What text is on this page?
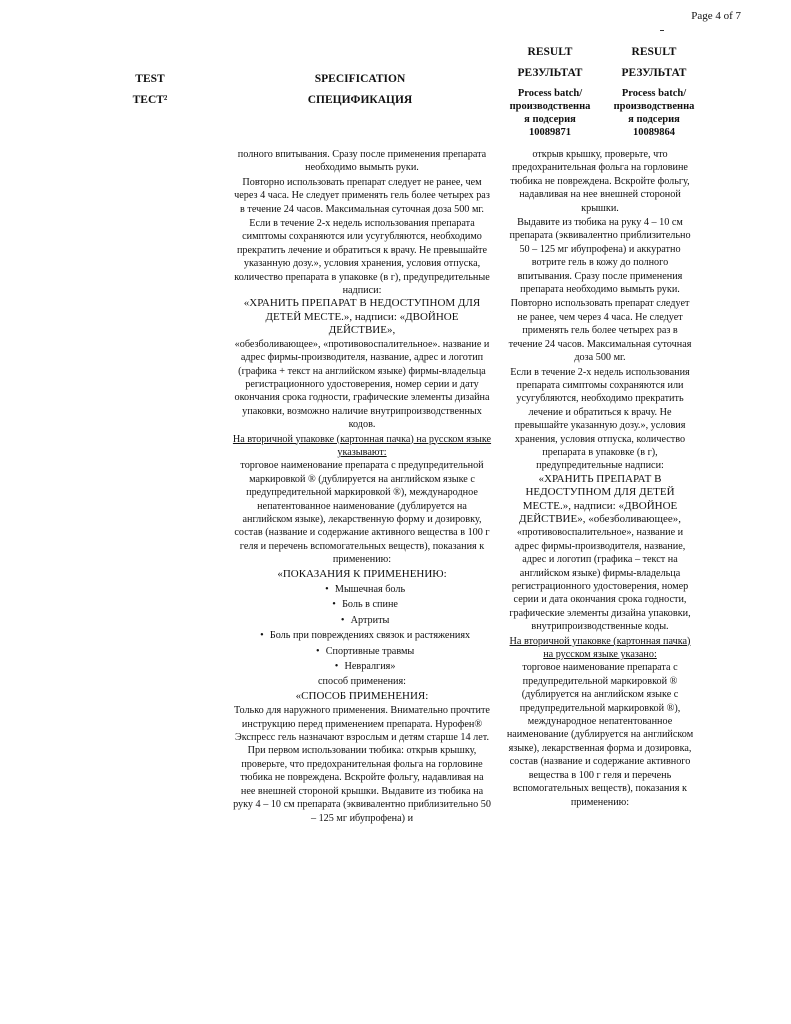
Page 4 of 7
TEST
ТЕСТ²
SPECIFICATION
СПЕЦИФИКАЦИЯ
RESULT
РЕЗУЛЬТАТ
Process batch/
производственна
я подсерия
10089871
RESULT
РЕЗУЛЬТАТ
Process batch/
производственна
я подсерия
10089864

полного впитывания. Сразу после применения препарата необходимо вымыть руки.

Повторно использовать препарат следует не ранее, чем через 4 часа. Не следует применять гель более четырех раз в течение 24 часов. Максимальная суточная доза 500 мг.

Если в течение 2-х недель использования препарата симптомы сохраняются или усугубляются, необходимо прекратить лечение и обратиться к врачу. Не превышайте указанную дозу.», условия хранения, условия отпуска, количество препарата в упаковке (в г), предупредительные надписи:

«ХРАНИТЬ ПРЕПАРАТ В НЕДОСТУПНОМ ДЛЯ ДЕТЕЙ МЕСТЕ.», надписи: «ДВОЙНОЕ ДЕЙСТВИЕ»,

«обезболивающее», «противовоспалительное». название и адрес фирмы-производителя, название, адрес и логотип (графика + текст на английском языке) фирмы-владельца регистрационного удостоверения, номер серии и дату окончания срока годности, графические элементы дизайна упаковки, возможно наличие внутрипроизводственных кодов.

На вторичной упаковке (картонная пачка) на русском языке указывают:

торговое наименование препарата с предупредительной маркировкой ® (дублируется на английском языке с предупредительной маркировкой ®), международное непатентованное наименование (дублируется на английском языке), лекарственную форму и дозировку, состав (название и содержание активного вещества в 100 г геля и перечень вспомогательных веществ), показания к применению:

«ПОКАЗАНИЯ К ПРИМЕНЕНИЮ:

• Мышечная боль
• Боль в спине
• Артриты
• Боль при повреждениях связок и растяжениях
• Спортивные травмы
• Невралгия»

способ применения:

«СПОСОБ ПРИМЕНЕНИЯ:

Только для наружного применения. Внимательно прочтите инструкцию перед применением препарата. Нурофен® Экспресс гель назначают взрослым и детям старше 14 лет. При первом использовании тюбика: открыв крышку, проверьте, что предохранительная фольга на горловине тюбика не повреждена. Вскройте фольгу, надавливая на нее внешней стороной крышки. Выдавите из тюбика на руку 4 – 10 см препарата (эквивалентно приблизительно 50 – 125 мг ибупрофена) и

открыв крышку, проверьте, что предохранительная фольга на горловине тюбика не повреждена. Вскройте фольгу, надавливая на нее внешней стороной крышки.

Выдавите из тюбика на руку 4 – 10 см препарата (эквивалентно приблизительно 50 – 125 мг ибупрофена) и аккуратно вотрите гель в кожу до полного впитывания. Сразу после применения препарата необходимо вымыть руки.

Повторно использовать препарат следует не ранее, чем через 4 часа. Не следует применять гель более четырех раз в течение 24 часов. Максимальная суточная доза 500 мг.

Если в течение 2-х недель использования препарата симптомы сохраняются или усугубляются, необходимо прекратить лечение и обратиться к врачу. Не превышайте указанную дозу.», условия хранения, условия отпуска, количество препарата в упаковке (в г), предупредительные надписи:

«ХРАНИТЬ ПРЕПАРАТ В НЕДОСТУПНОМ ДЛЯ ДЕТЕЙ МЕСТЕ.», надписи: «ДВОЙНОЕ ДЕЙСТВИЕ», «обезболивающее»,

«противовоспалительное», название и адрес фирмы-производителя, название, адрес и логотип (графика – текст на английском языке) фирмы-владельца регистрационного удостоверения, номер серии и дата окончания срока годности, графические элементы дизайна упаковки, внутрипроизводственные коды.

На вторичной упаковке (картонная пачка) на русском языке указано:

торговое наименование препарата с предупредительной маркировкой ® (дублируется на английском языке с предупредительной маркировкой ®), международное непатентованное наименование (дублируется на английском языке), лекарственная форма и дозировка, состав (название и содержание активного вещества в 100 г геля и перечень вспомогательных веществ), показания к применению:
